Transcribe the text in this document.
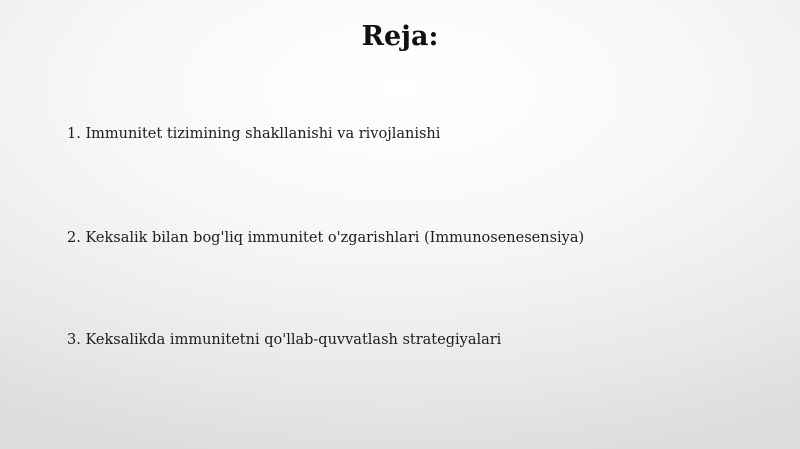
Reja:
1. Immunitet tizimining shakllanishi va rivojlanishi
2. Keksalik bilan bog'liq immunitet o'zgarishlari (Immunosenesensiya)
3. Keksalikda immunitetni qo'llab-quvvatlash strategiyalari
